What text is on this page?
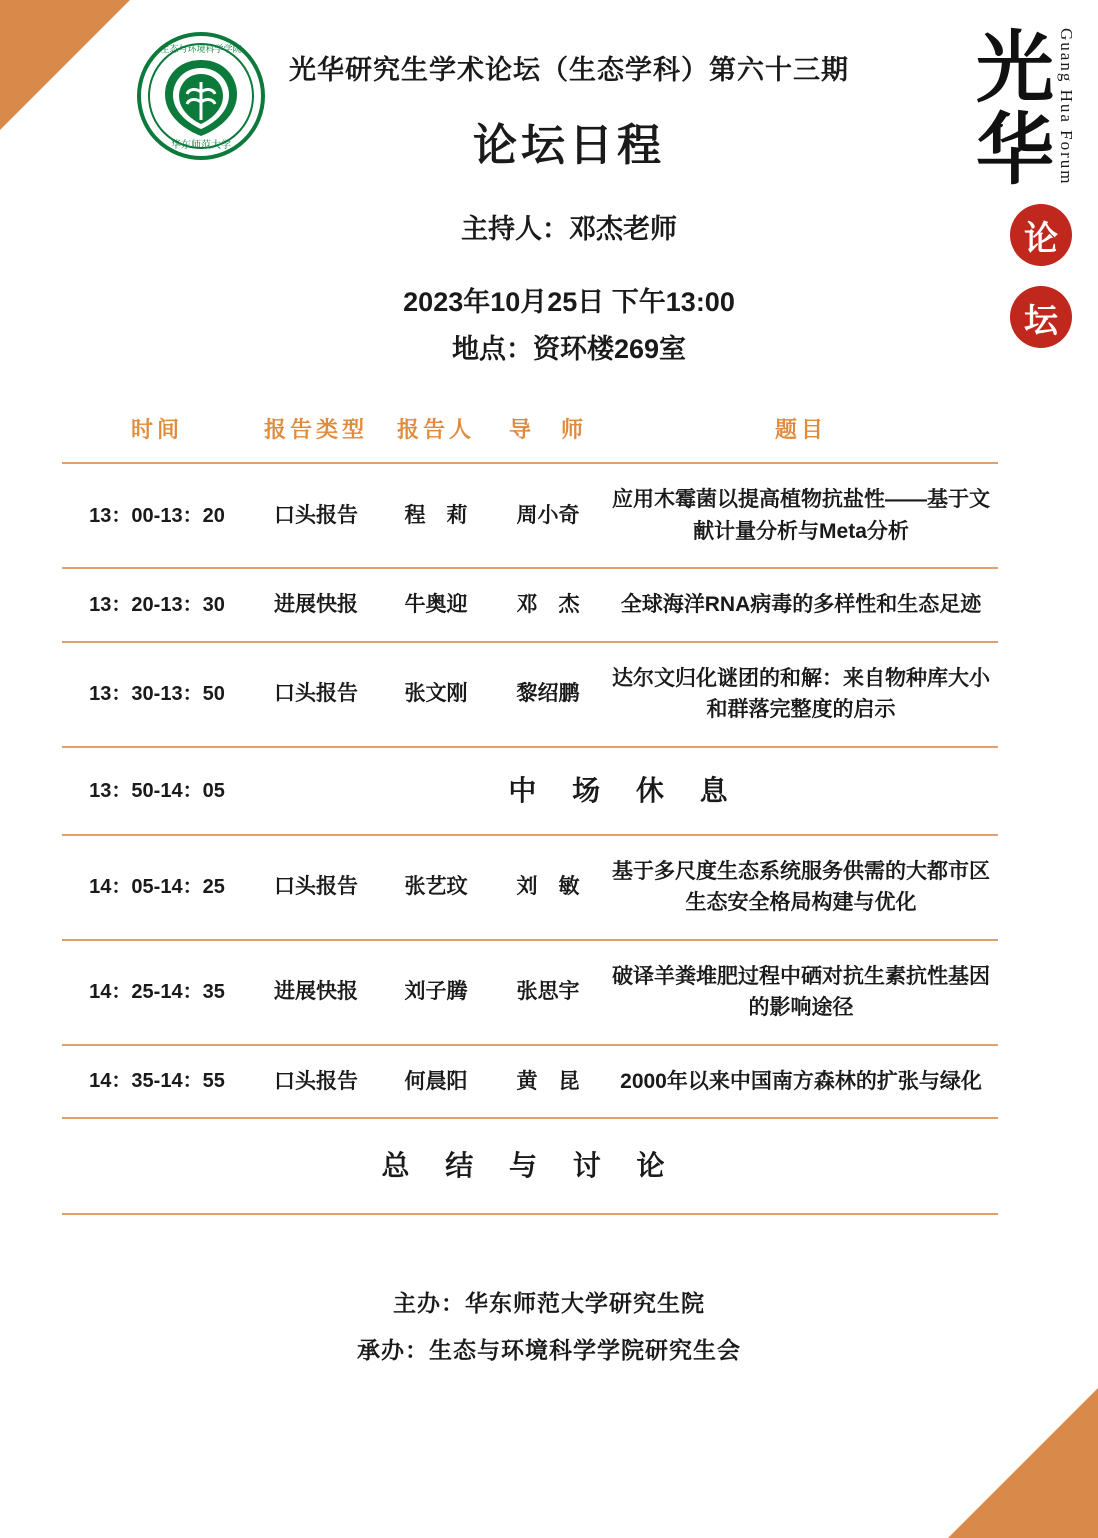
生态与环境科学学院
华东师范大学
光华研究生学术论坛（生态学科）第六十三期
论坛日程
主持人：邓杰老师
2023年10月25日 下午13:00
地点：资环楼269室
Guang Hua Forum
光华
论
坛
时间	报告类型	报告人	导　师	题目
13：00-13：20	口头报告	程　莉	周小奇	应用木霉菌以提高植物抗盐性——基于文献计量分析与Meta分析
13：20-13：30	进展快报	牛奥迎	邓　杰	全球海洋RNA病毒的多样性和生态足迹
13：30-13：50	口头报告	张文刚	黎绍鹏	达尔文归化谜团的和解：来自物种库大小和群落完整度的启示
13：50-14：05	中 场 休 息			
14：05-14：25	口头报告	张艺玟	刘　敏	基于多尺度生态系统服务供需的大都市区生态安全格局构建与优化
14：25-14：35	进展快报	刘子腾	张思宇	破译羊粪堆肥过程中硒对抗生素抗性基因的影响途径
14：35-14：55	口头报告	何晨阳	黄　昆	2000年以来中国南方森林的扩张与绿化
总 结 与 讨 论				
主办：华东师范大学研究生院
承办：生态与环境科学学院研究生会
